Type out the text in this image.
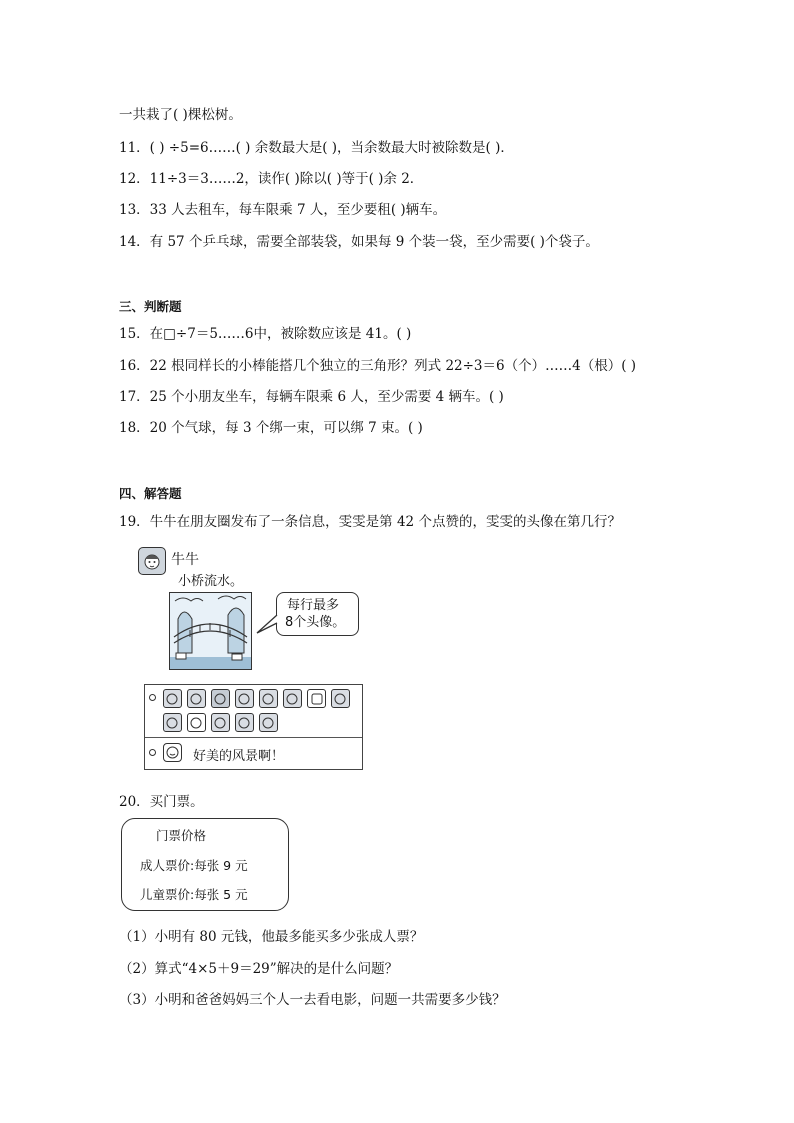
一共栽了( )棵松树。
11．( ) ÷5=6……( ) 余数最大是( )，当余数最大时被除数是( )．
12．11÷3＝3……2，读作( )除以( )等于( )余 2．
13．33 人去租车，每车限乘 7 人，至少要租( )辆车。
14．有 57 个乒乓球，需要全部装袋，如果每 9 个装一袋，至少需要( )个袋子。
三、判断题
15．在□÷7＝5……6中，被除数应该是 41。( )
16．22 根同样长的小棒能搭几个独立的三角形？列式 22÷3＝6（个）……4（根）( )
17．25 个小朋友坐车，每辆车限乘 6 人，至少需要 4 辆车。( )
18．20 个气球，每 3 个绑一束，可以绑 7 束。( )
四、解答题
19．牛牛在朋友圈发布了一条信息，雯雯是第 42 个点赞的，雯雯的头像在第几行？
牛牛
小桥流水。
每行最多
8个头像。
好美的风景啊！
20．买门票。
门票价格
成人票价:每张 9 元
儿童票价:每张 5 元
（1）小明有 80 元钱，他最多能买多少张成人票？
（2）算式“4×5＋9＝29”解决的是什么问题？
（3）小明和爸爸妈妈三个人一去看电影，问题一共需要多少钱？
